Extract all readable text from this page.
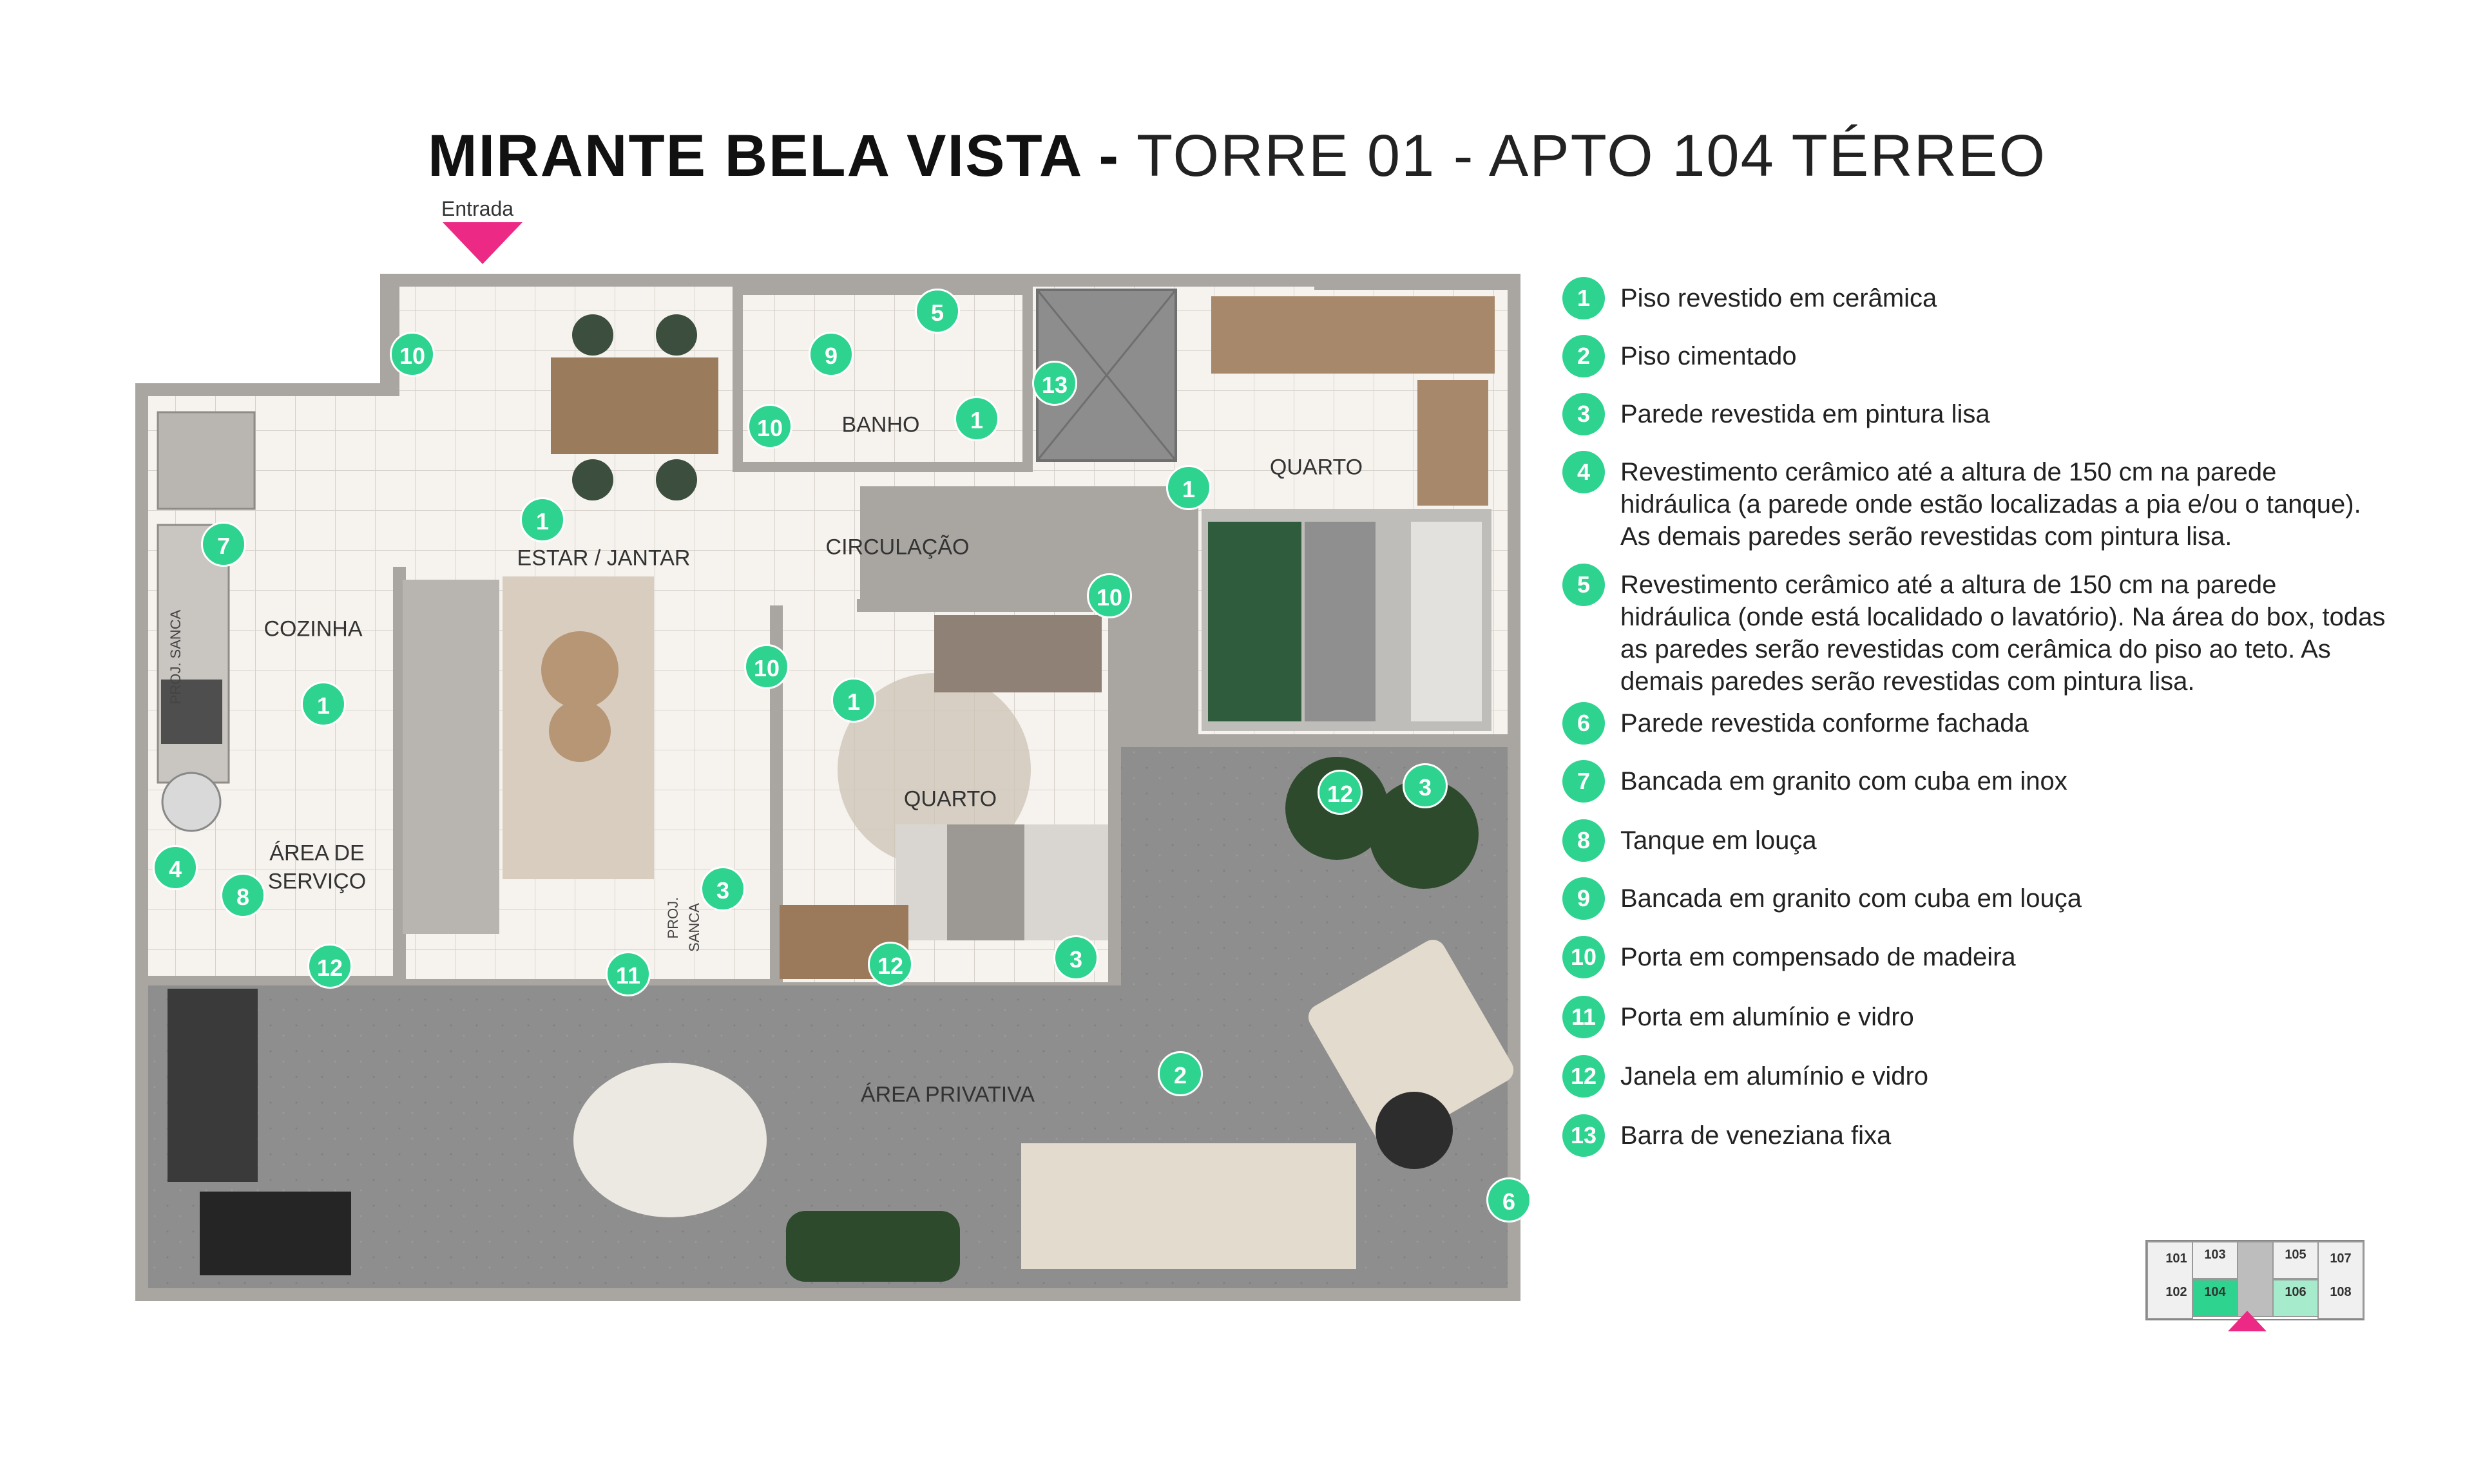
MIRANTE BELA VISTA - TORRE 01 - APTO 104 TÉRREO
Entrada
ESTAR / JANTAR	CIRCULAÇÃO
BANHO
QUARTO
QUARTO
COZINHA
ÁREA DE
SERVIÇO
ÁREA PRIVATIVA
PROJ. SANCA
PROJ. SANCA
10	9
5
13
10	1
1
1
7
1
10
1
10
12	3
4
8
12	11
3
12	3
2
6
1	Piso revestido em cerâmica
2	Piso cimentado
3	Parede revestida em pintura lisa
4	Revestimento cerâmico até a altura de 150 cm na parede hidráulica (a parede onde estão localizadas a pia e/ou o tanque). As demais paredes serão revestidas com pintura lisa.
5	Revestimento cerâmico até a altura de 150 cm na parede hidráulica (onde está localidado o lavatório). Na área do box, todas as paredes serão revestidas com cerâmica do piso ao teto. As demais paredes serão revestidas com pintura lisa.
6	Parede revestida conforme fachada
7	Bancada em granito com cuba em inox
8	Tanque em louça
9	Bancada em granito com cuba em louça
10 Porta em compensado de madeira
11 Porta em alumínio e vidro
12 Janela em alumínio e vidro
13 Barra de veneziana fixa
101
102
103
104
105
106
107
108
